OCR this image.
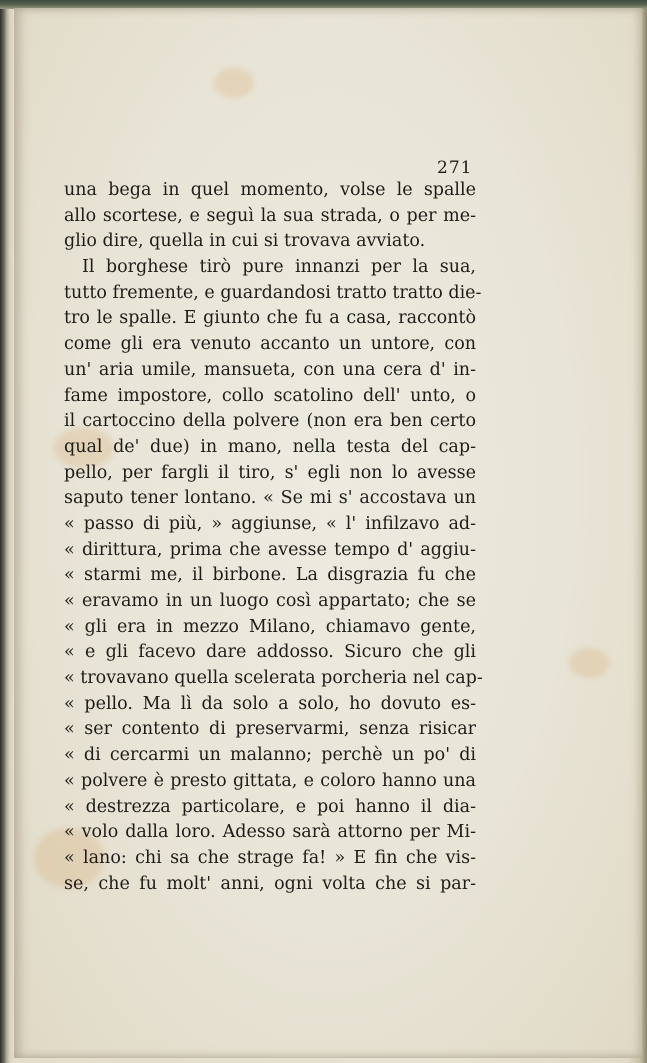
271
una bega in quel momento, volse le spalle
allo scortese, e seguì la sua strada, o per me-
glio dire, quella in cui si trovava avviato.
Il borghese tirò pure innanzi per la sua,
tutto fremente, e guardandosi tratto tratto die-
tro le spalle. E giunto che fu a casa, raccontò
come gli era venuto accanto un untore, con
un' aria umile, mansueta, con una cera d' in-
fame impostore, collo scatolino dell' unto, o
il cartoccino della polvere (non era ben certo
qual de' due) in mano, nella testa del cap-
pello, per fargli il tiro, s' egli non lo avesse
saputo tener lontano. « Se mi s' accostava un
« passo di più, » aggiunse, « l' infilzavo ad-
« dirittura, prima che avesse tempo d' aggiu-
« starmi me, il birbone. La disgrazia fu che
« eravamo in un luogo così appartato; che se
« gli era in mezzo Milano, chiamavo gente,
« e gli facevo dare addosso. Sicuro che gli
« trovavano quella scelerata porcheria nel cap-
« pello. Ma lì da solo a solo, ho dovuto es-
« ser contento di preservarmi, senza risicar
« di cercarmi un malanno; perchè un po' di
« polvere è presto gittata, e coloro hanno una
« destrezza particolare, e poi hanno il dia-
« volo dalla loro. Adesso sarà attorno per Mi-
« lano: chi sa che strage fa! » E fin che vis-
se, che fu molt' anni, ogni volta che si par-
